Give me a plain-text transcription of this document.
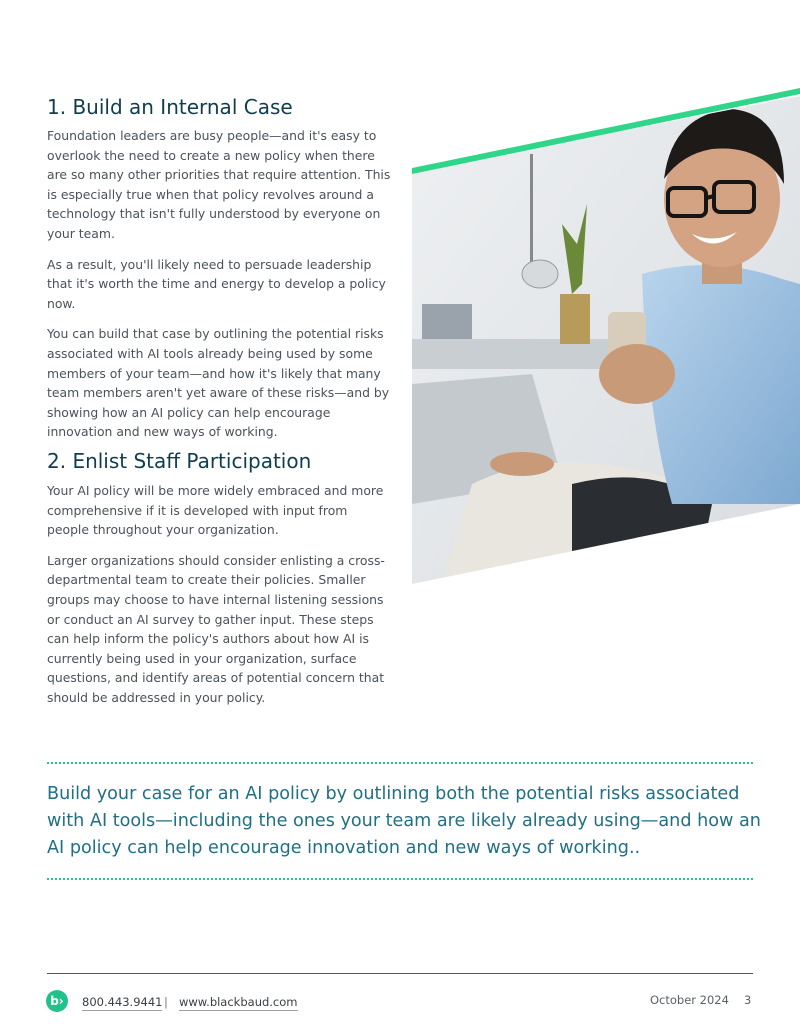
1. Build an Internal Case

Foundation leaders are busy people—and it's easy to overlook the need to create a new policy when there are so many other priorities that require attention. This is especially true when that policy revolves around a technology that isn't fully understood by everyone on your team.

As a result, you'll likely need to persuade leadership that it's worth the time and energy to develop a policy now.

You can build that case by outlining the potential risks associated with AI tools already being used by some members of your team—and how it's likely that many team members aren't yet aware of these risks—and by showing how an AI policy can help encourage innovation and new ways of working.

2. Enlist Staff Participation

Your AI policy will be more widely embraced and more comprehensive if it is developed with input from people throughout your organization.

Larger organizations should consider enlisting a cross-departmental team to create their policies. Smaller groups may choose to have internal listening sessions or conduct an AI survey to gather input. These steps can help inform the policy's authors about how AI is currently being used in your organization, surface questions, and identify areas of potential concern that should be addressed in your policy.

Build your case for an AI policy by outlining both the potential risks associated with AI tools—including the ones your team are likely already using—and how an AI policy can help encourage innovation and new ways of working..
b›	800.443.9441 | www.blackbaud.com	October 2024 3
